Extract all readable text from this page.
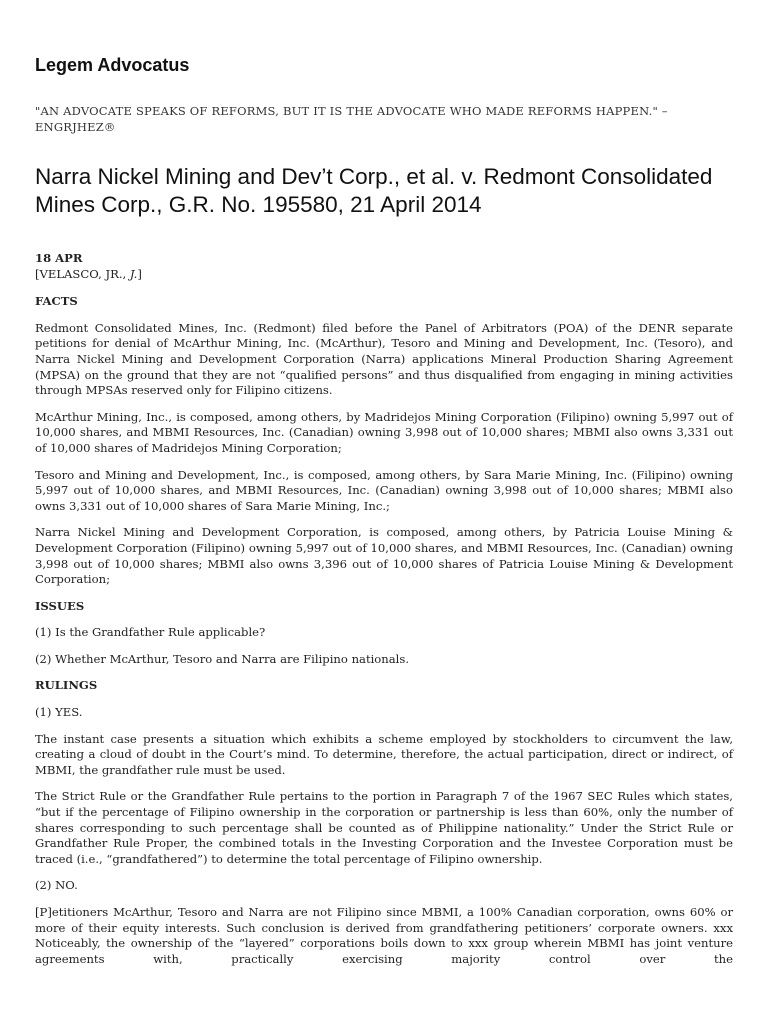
Legem Advocatus

"AN ADVOCATE SPEAKS OF REFORMS, BUT IT IS THE ADVOCATE WHO MADE REFORMS HAPPEN." – ENGRJHEZ®

Narra Nickel Mining and Dev’t Corp., et al. v. Redmont Consolidated Mines Corp., G.R. No. 195580, 21 April 2014

18 APR

[VELASCO, JR., J.]

FACTS

Redmont Consolidated Mines, Inc. (Redmont) filed before the Panel of Arbitrators (POA) of the DENR separate petitions for denial of McArthur Mining, Inc. (McArthur), Tesoro and Mining and Development, Inc. (Tesoro), and Narra Nickel Mining and Development Corporation (Narra) applications Mineral Production Sharing Agreement (MPSA) on the ground that they are not “qualified persons” and thus disqualified from engaging in mining activities through MPSAs reserved only for Filipino citizens.

McArthur Mining, Inc., is composed, among others, by Madridejos Mining Corporation (Filipino) owning 5,997 out of 10,000 shares, and MBMI Resources, Inc. (Canadian) owning 3,998 out of 10,000 shares; MBMI also owns 3,331 out of 10,000 shares of Madridejos Mining Corporation;

Tesoro and Mining and Development, Inc., is composed, among others, by Sara Marie Mining, Inc. (Filipino) owning 5,997 out of 10,000 shares, and MBMI Resources, Inc. (Canadian) owning 3,998 out of 10,000 shares; MBMI also owns 3,331 out of 10,000 shares of Sara Marie Mining, Inc.;

Narra Nickel Mining and Development Corporation, is composed, among others, by Patricia Louise Mining & Development Corporation (Filipino) owning 5,997 out of 10,000 shares, and MBMI Resources, Inc. (Canadian) owning 3,998 out of 10,000 shares; MBMI also owns 3,396 out of 10,000 shares of Patricia Louise Mining & Development Corporation;

ISSUES

(1) Is the Grandfather Rule applicable?

(2) Whether McArthur, Tesoro and Narra are Filipino nationals.

RULINGS

(1) YES.

The instant case presents a situation which exhibits a scheme employed by stockholders to circumvent the law, creating a cloud of doubt in the Court’s mind. To determine, therefore, the actual participation, direct or indirect, of MBMI, the grandfather rule must be used.

The Strict Rule or the Grandfather Rule pertains to the portion in Paragraph 7 of the 1967 SEC Rules which states, “but if the percentage of Filipino ownership in the corporation or partnership is less than 60%, only the number of shares corresponding to such percentage shall be counted as of Philippine nationality.” Under the Strict Rule or Grandfather Rule Proper, the combined totals in the Investing Corporation and the Investee Corporation must be traced (i.e., “grandfathered”) to determine the total percentage of Filipino ownership.

(2) NO.

[P]etitioners McArthur, Tesoro and Narra are not Filipino since MBMI, a 100% Canadian corporation, owns 60% or more of their equity interests. Such conclusion is derived from grandfathering petitioners’ corporate owners. xxx Noticeably, the ownership of the “layered” corporations boils down to xxx group wherein MBMI has joint venture agreements with, practically exercising majority control over the
